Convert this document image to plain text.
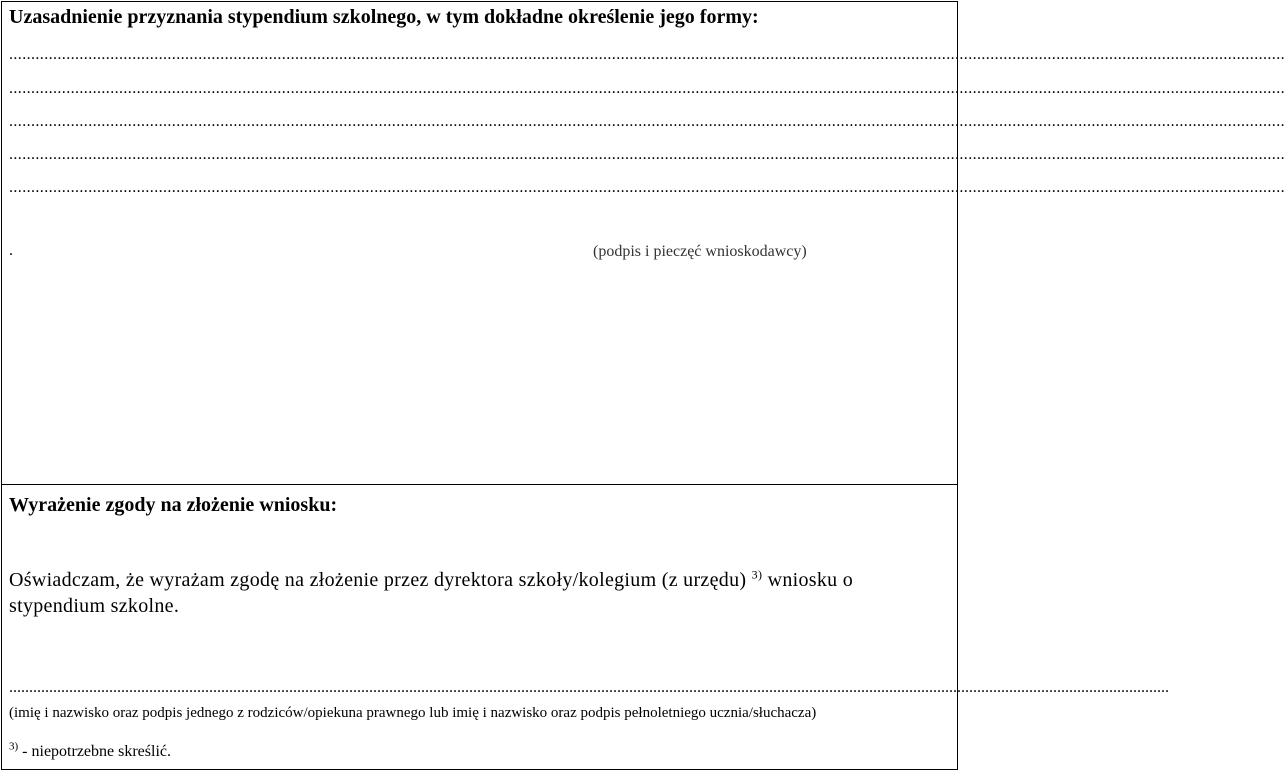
Uzasadnienie przyznania stypendium szkolnego, w tym dokładne określenie jego formy:
..................................................................................................................................................................................................................................................................................................
..................................................................................................................................................................................................................................................................................................
..................................................................................................................................................................................................................................................................................................
..................................................................................................................................................................................................................................................................................................
..................................................................................................................................................................................................................................................................................................
.	(podpis i pieczęć wnioskodawcy)
Wyrażenie zgody na złożenie wniosku:
Oświadczam, że wyrażam zgodę na złożenie przez dyrektora szkoły/kolegium (z urzędu) $^{3)}$ wniosku o stypendium szkolne.
..................................................................................................................................................................................................................................................................................................
(imię i nazwisko oraz podpis jednego z rodziców/opiekuna prawnego lub imię i nazwisko oraz podpis pełnoletniego ucznia/słuchacza)
$^{3)}$ - niepotrzebne skreślić.
